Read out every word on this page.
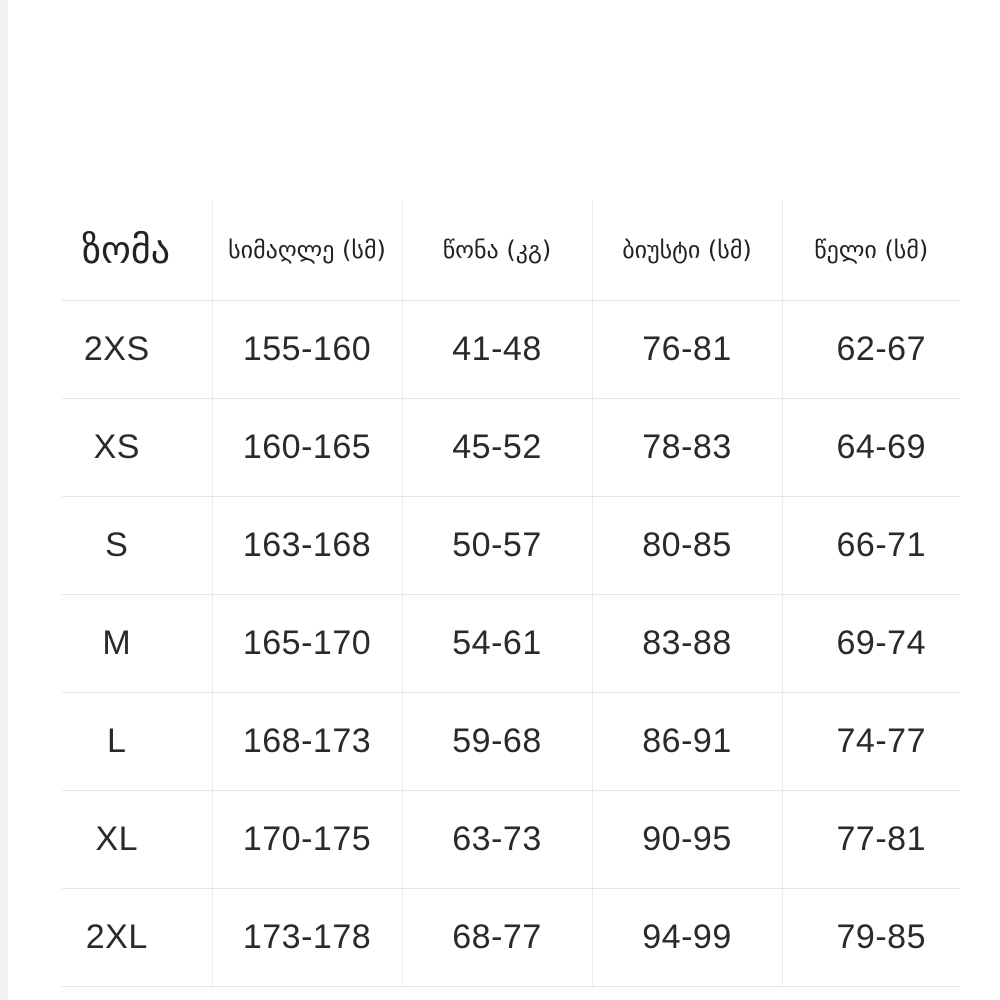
ზომა	სიმაღლე (სმ)	წონა (კგ)	ბიუსტი (სმ)	წელი (სმ)
2XS	155-160	41-48	76-81	62-67
XS	160-165	45-52	78-83	64-69
S	163-168	50-57	80-85	66-71
M	165-170	54-61	83-88	69-74
L	168-173	59-68	86-91	74-77
XL	170-175	63-73	90-95	77-81
2XL	173-178	68-77	94-99	79-85
